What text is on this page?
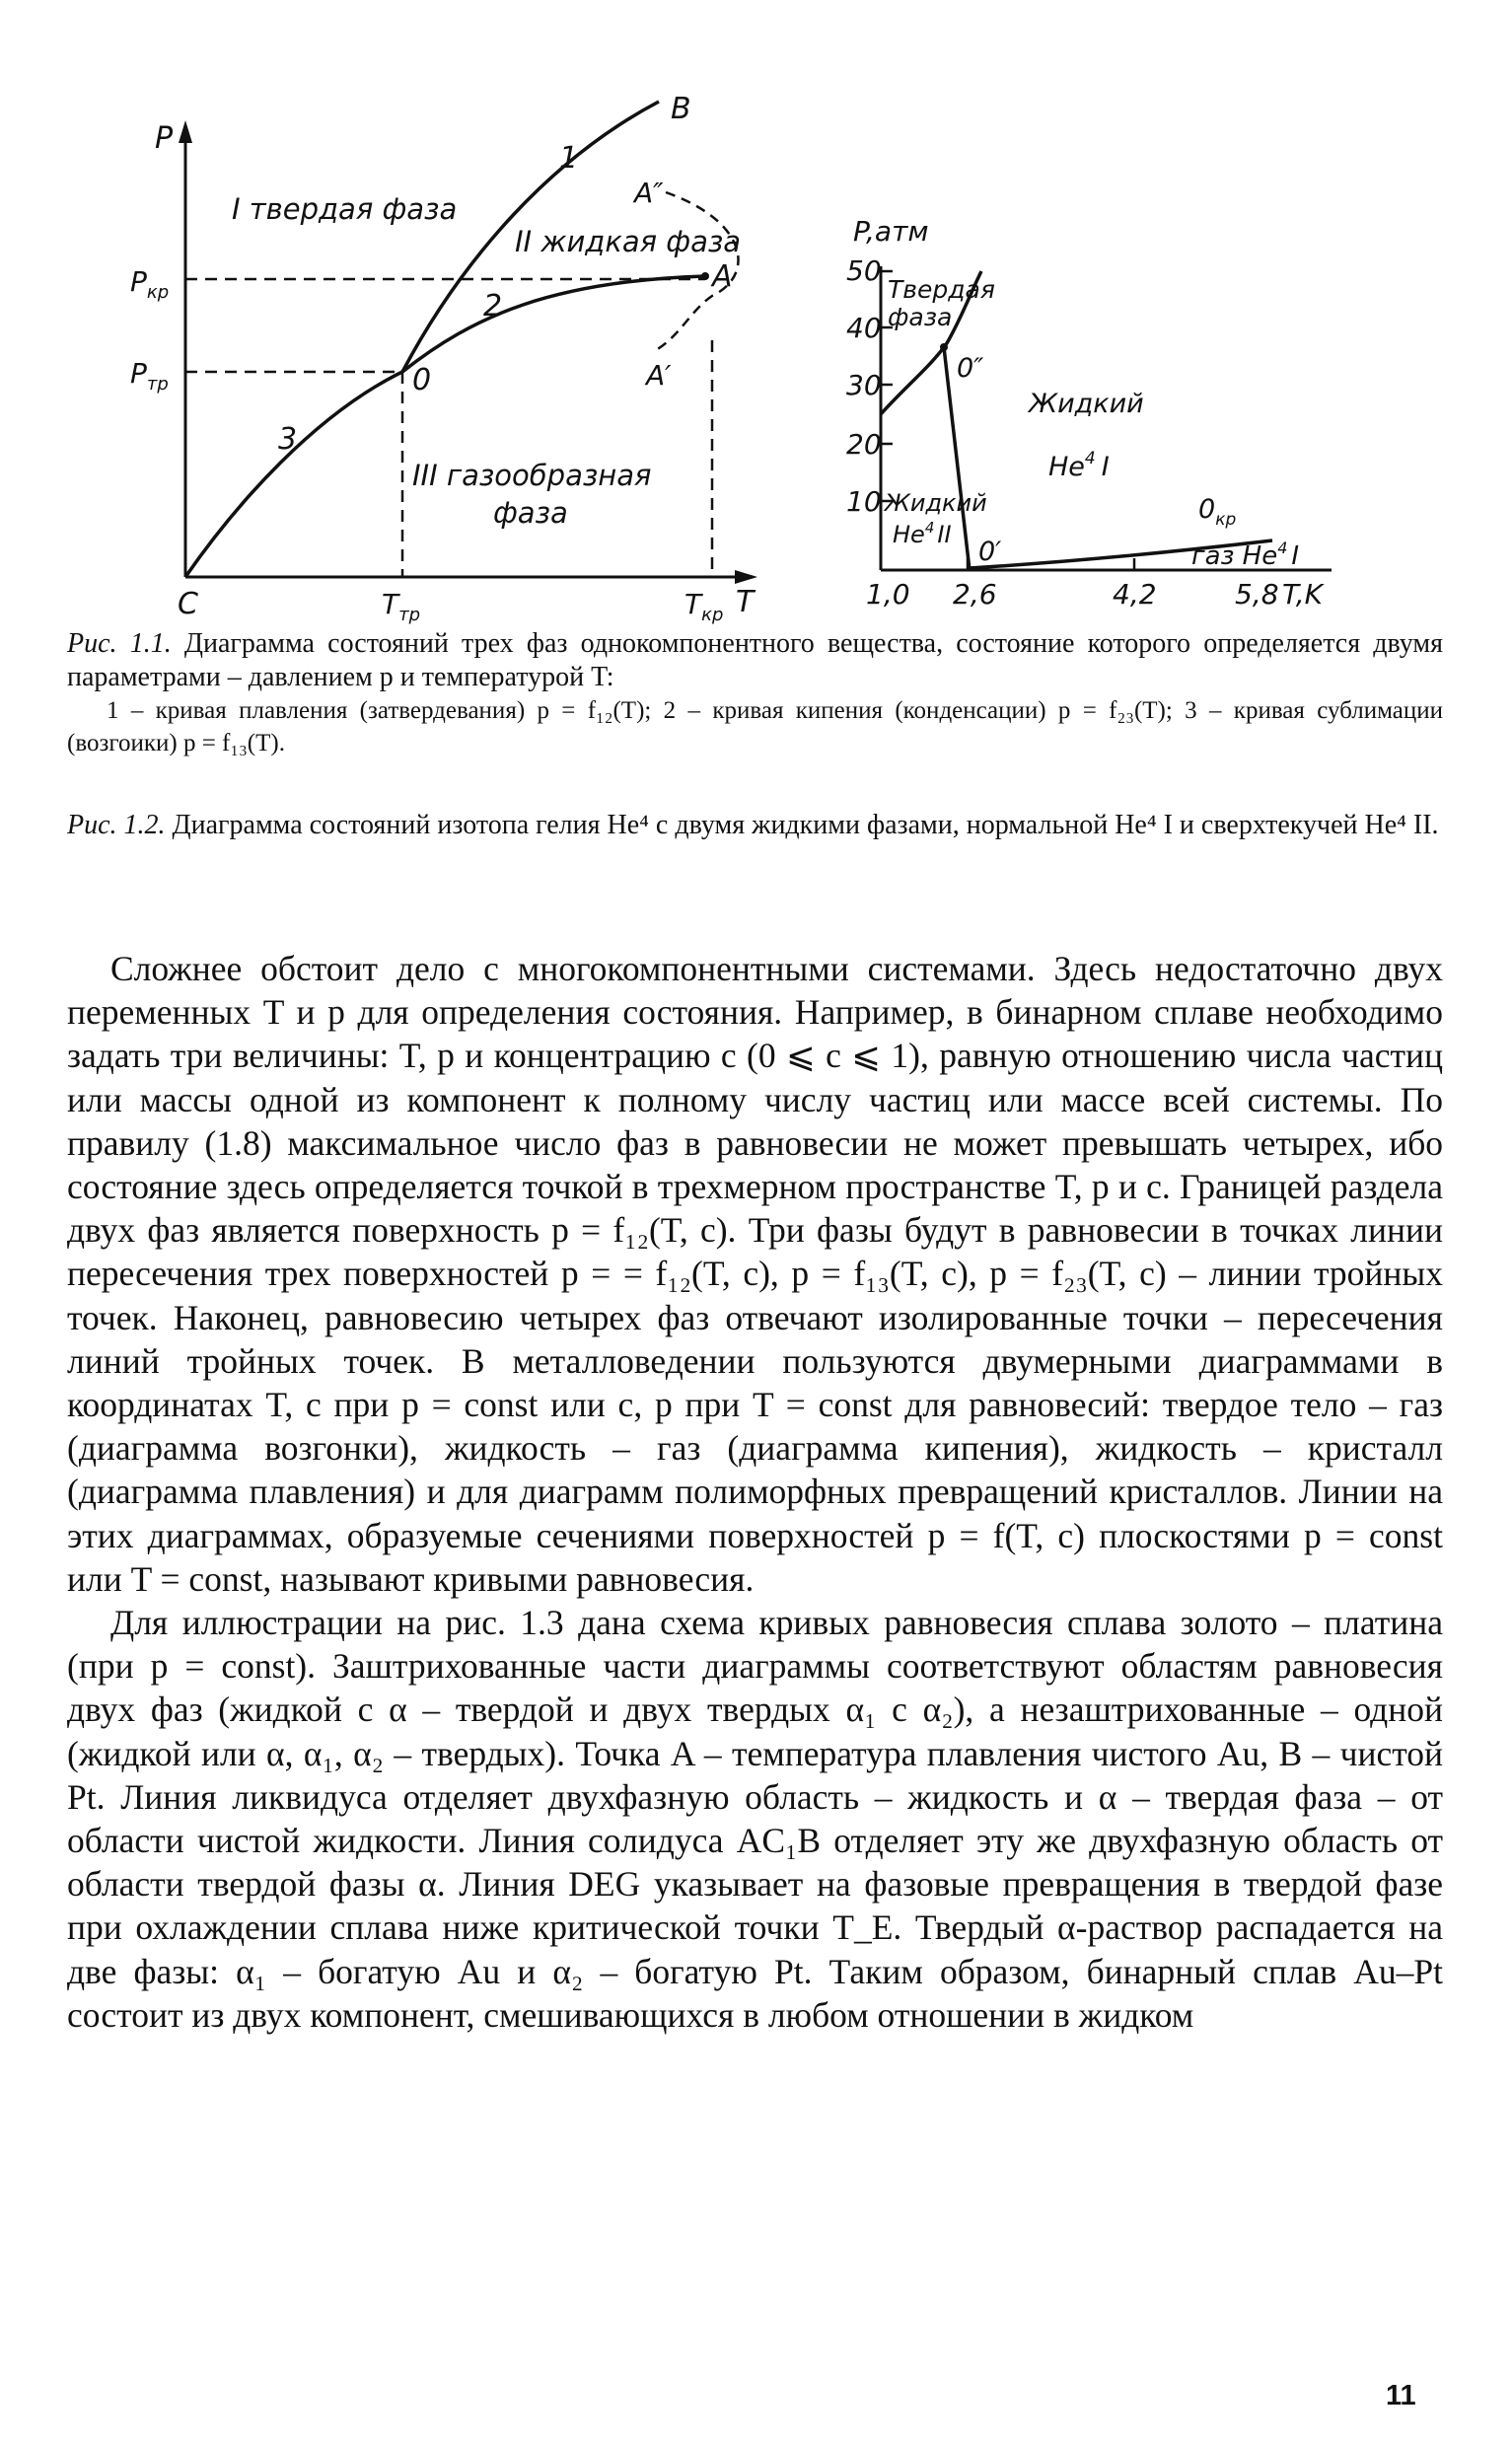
P
T
$P_{кр}$
$P_{тр}$
$T_{тр}$	$T_{кр}$
C
B
0
A
A″
A′
1
2
3
I твердая фаза
II жидкая фаза
III газообразная
фаза
P,атм
T,K
50
40
30
20
10
1,0 2,6	4,2	5,8
Твердая
фаза
0″
0′
Жидкий
He$^4$ I
Жидкий
He$^4$ II
$0_{кр}$
газ He$^4$ I

Рис. 1.1. Диаграмма состояний трех фаз однокомпонентного вещества, состояние которого определяется двумя параметрами – давлением p и температурой T:

1 – кривая плавления (затвердевания) p = f₁₂(T); 2 – кривая кипения (конденсации) p = f₂₃(T); 3 – кривая сублимации (возгоики) p = f₁₃(T).

Рис. 1.2. Диаграмма состояний изотопа гелия He⁴ с двумя жидкими фазами, нормальной He⁴ I и сверхтекучей He⁴ II.

Сложнее обстоит дело с многокомпонентными системами. Здесь недостаточно двух переменных T и p для определения состояния. Например, в бинарном сплаве необходимо задать три величины: T, p и концентрацию c (0 ⩽ c ⩽ 1), равную отношению числа частиц или массы одной из компонент к полному числу частиц или массе всей системы. По правилу (1.8) максимальное число фаз в равновесии не может превышать четырех, ибо состояние здесь определяется точкой в трехмерном пространстве T, p и c. Границей раздела двух фаз является поверхность p = f₁₂(T, c). Три фазы будут в равновесии в точках линии пересечения трех поверхностей p = = f₁₂(T, c), p = f₁₃(T, c), p = f₂₃(T, c) – линии тройных точек. Наконец, равновесию четырех фаз отвечают изолированные точки – пересечения линий тройных точек. В металловедении пользуются двумерными диаграммами в координатах T, c при p = const или c, p при T = const для равновесий: твердое тело – газ (диаграмма возгонки), жидкость – газ (диаграмма кипения), жидкость – кристалл (диаграмма плавления) и для диаграмм полиморфных превращений кристаллов. Линии на этих диаграммах, образуемые сечениями поверхностей p = f(T, c) плоскостями p = const или T = const, называют кривыми равновесия.

Для иллюстрации на рис. 1.3 дана схема кривых равновесия сплава золото – платина (при p = const). Заштрихованные части диаграммы соответствуют областям равновесия двух фаз (жидкой с α – твердой и двух твердых α₁ с α₂), а незаштрихованные – одной (жидкой или α, α₁, α₂ – твердых). Точка A – температура плавления чистого Au, B – чистой Pt. Линия ликвидуса отделяет двухфазную область – жидкость и α – твердая фаза – от области чистой жидкости. Линия солидуса AC₁B отделяет эту же двухфазную область от области твердой фазы α. Линия DEG указывает на фазовые превращения в твердой фазе при охлаждении сплава ниже критической точки T_E. Твердый α-раствор распадается на две фазы: α₁ – богатую Au и α₂ – богатую Pt. Таким образом, бинарный сплав Au–Pt состоит из двух компонент, смешивающихся в любом отношении в жидком

11
